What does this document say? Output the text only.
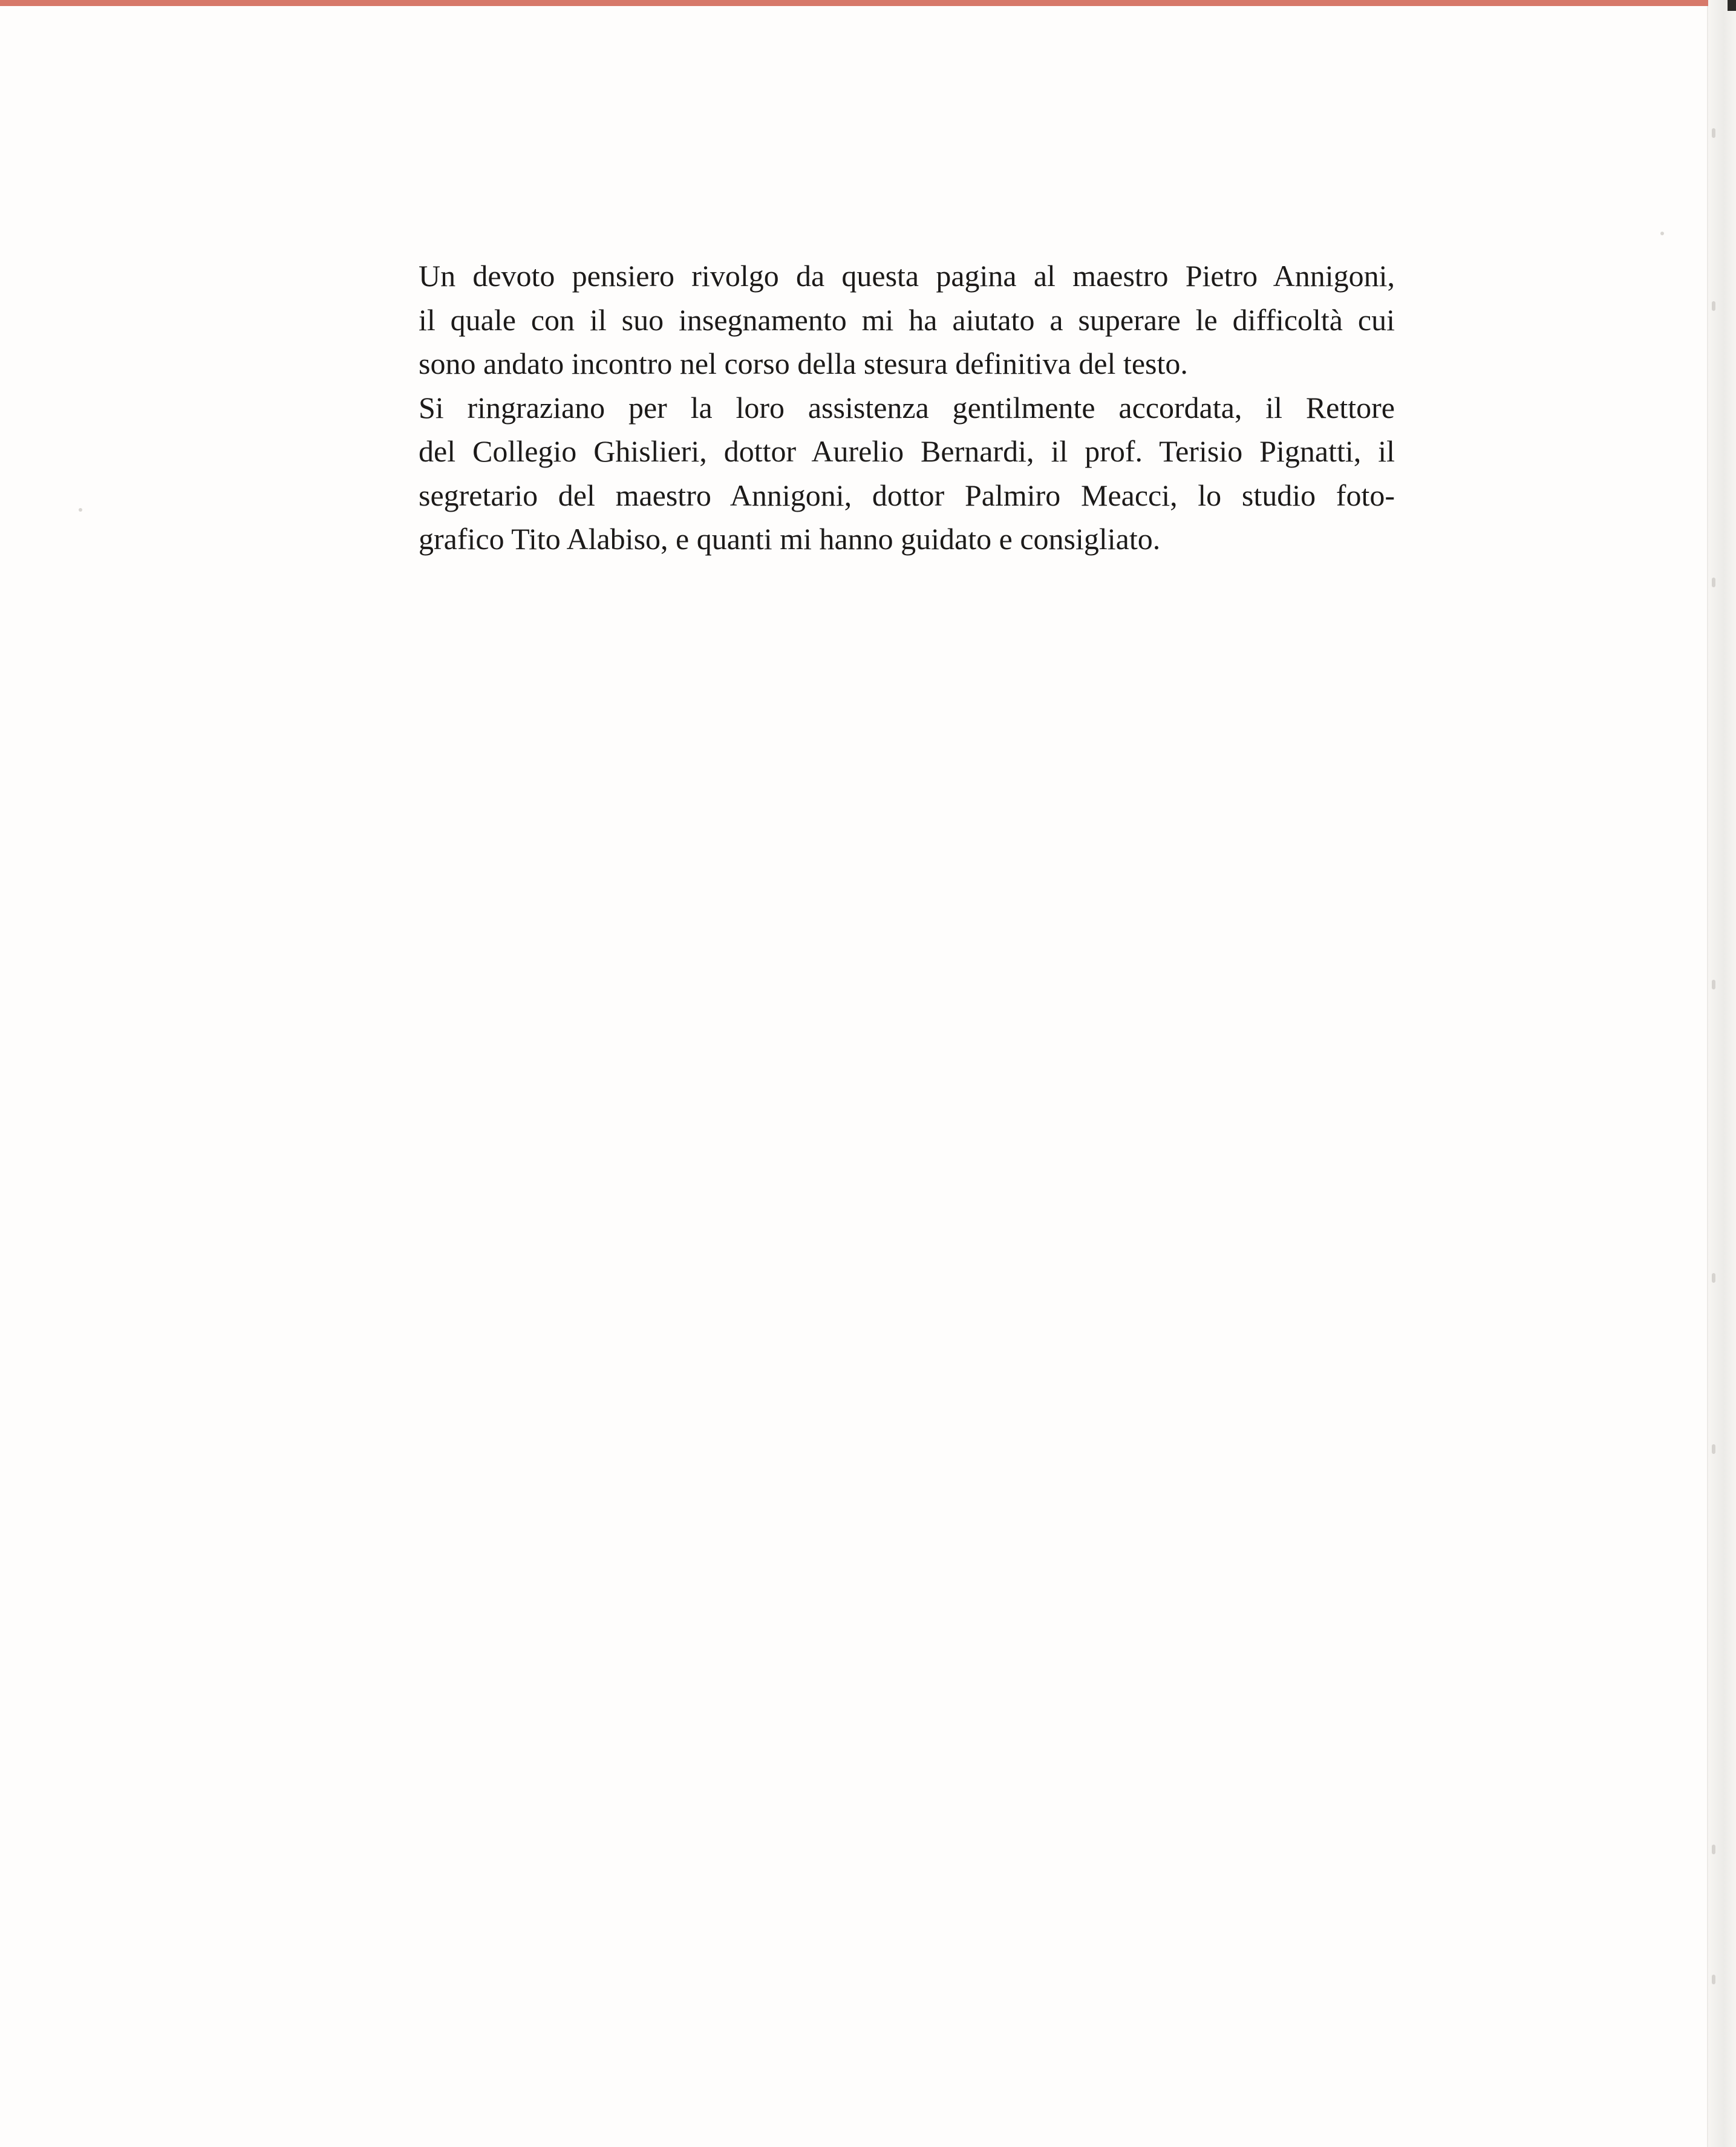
Un devoto pensiero rivolgo da questa pagina al maestro Pietro Annigoni,
il quale con il suo insegnamento mi ha aiutato a superare le difficoltà cui
sono andato incontro nel corso della stesura definitiva del testo.

Si ringraziano per la loro assistenza gentilmente accordata, il Rettore
del Collegio Ghislieri, dottor Aurelio Bernardi, il prof. Terisio Pignatti, il
segretario del maestro Annigoni, dottor Palmiro Meacci, lo studio foto-
grafico Tito Alabiso, e quanti mi hanno guidato e consigliato.
